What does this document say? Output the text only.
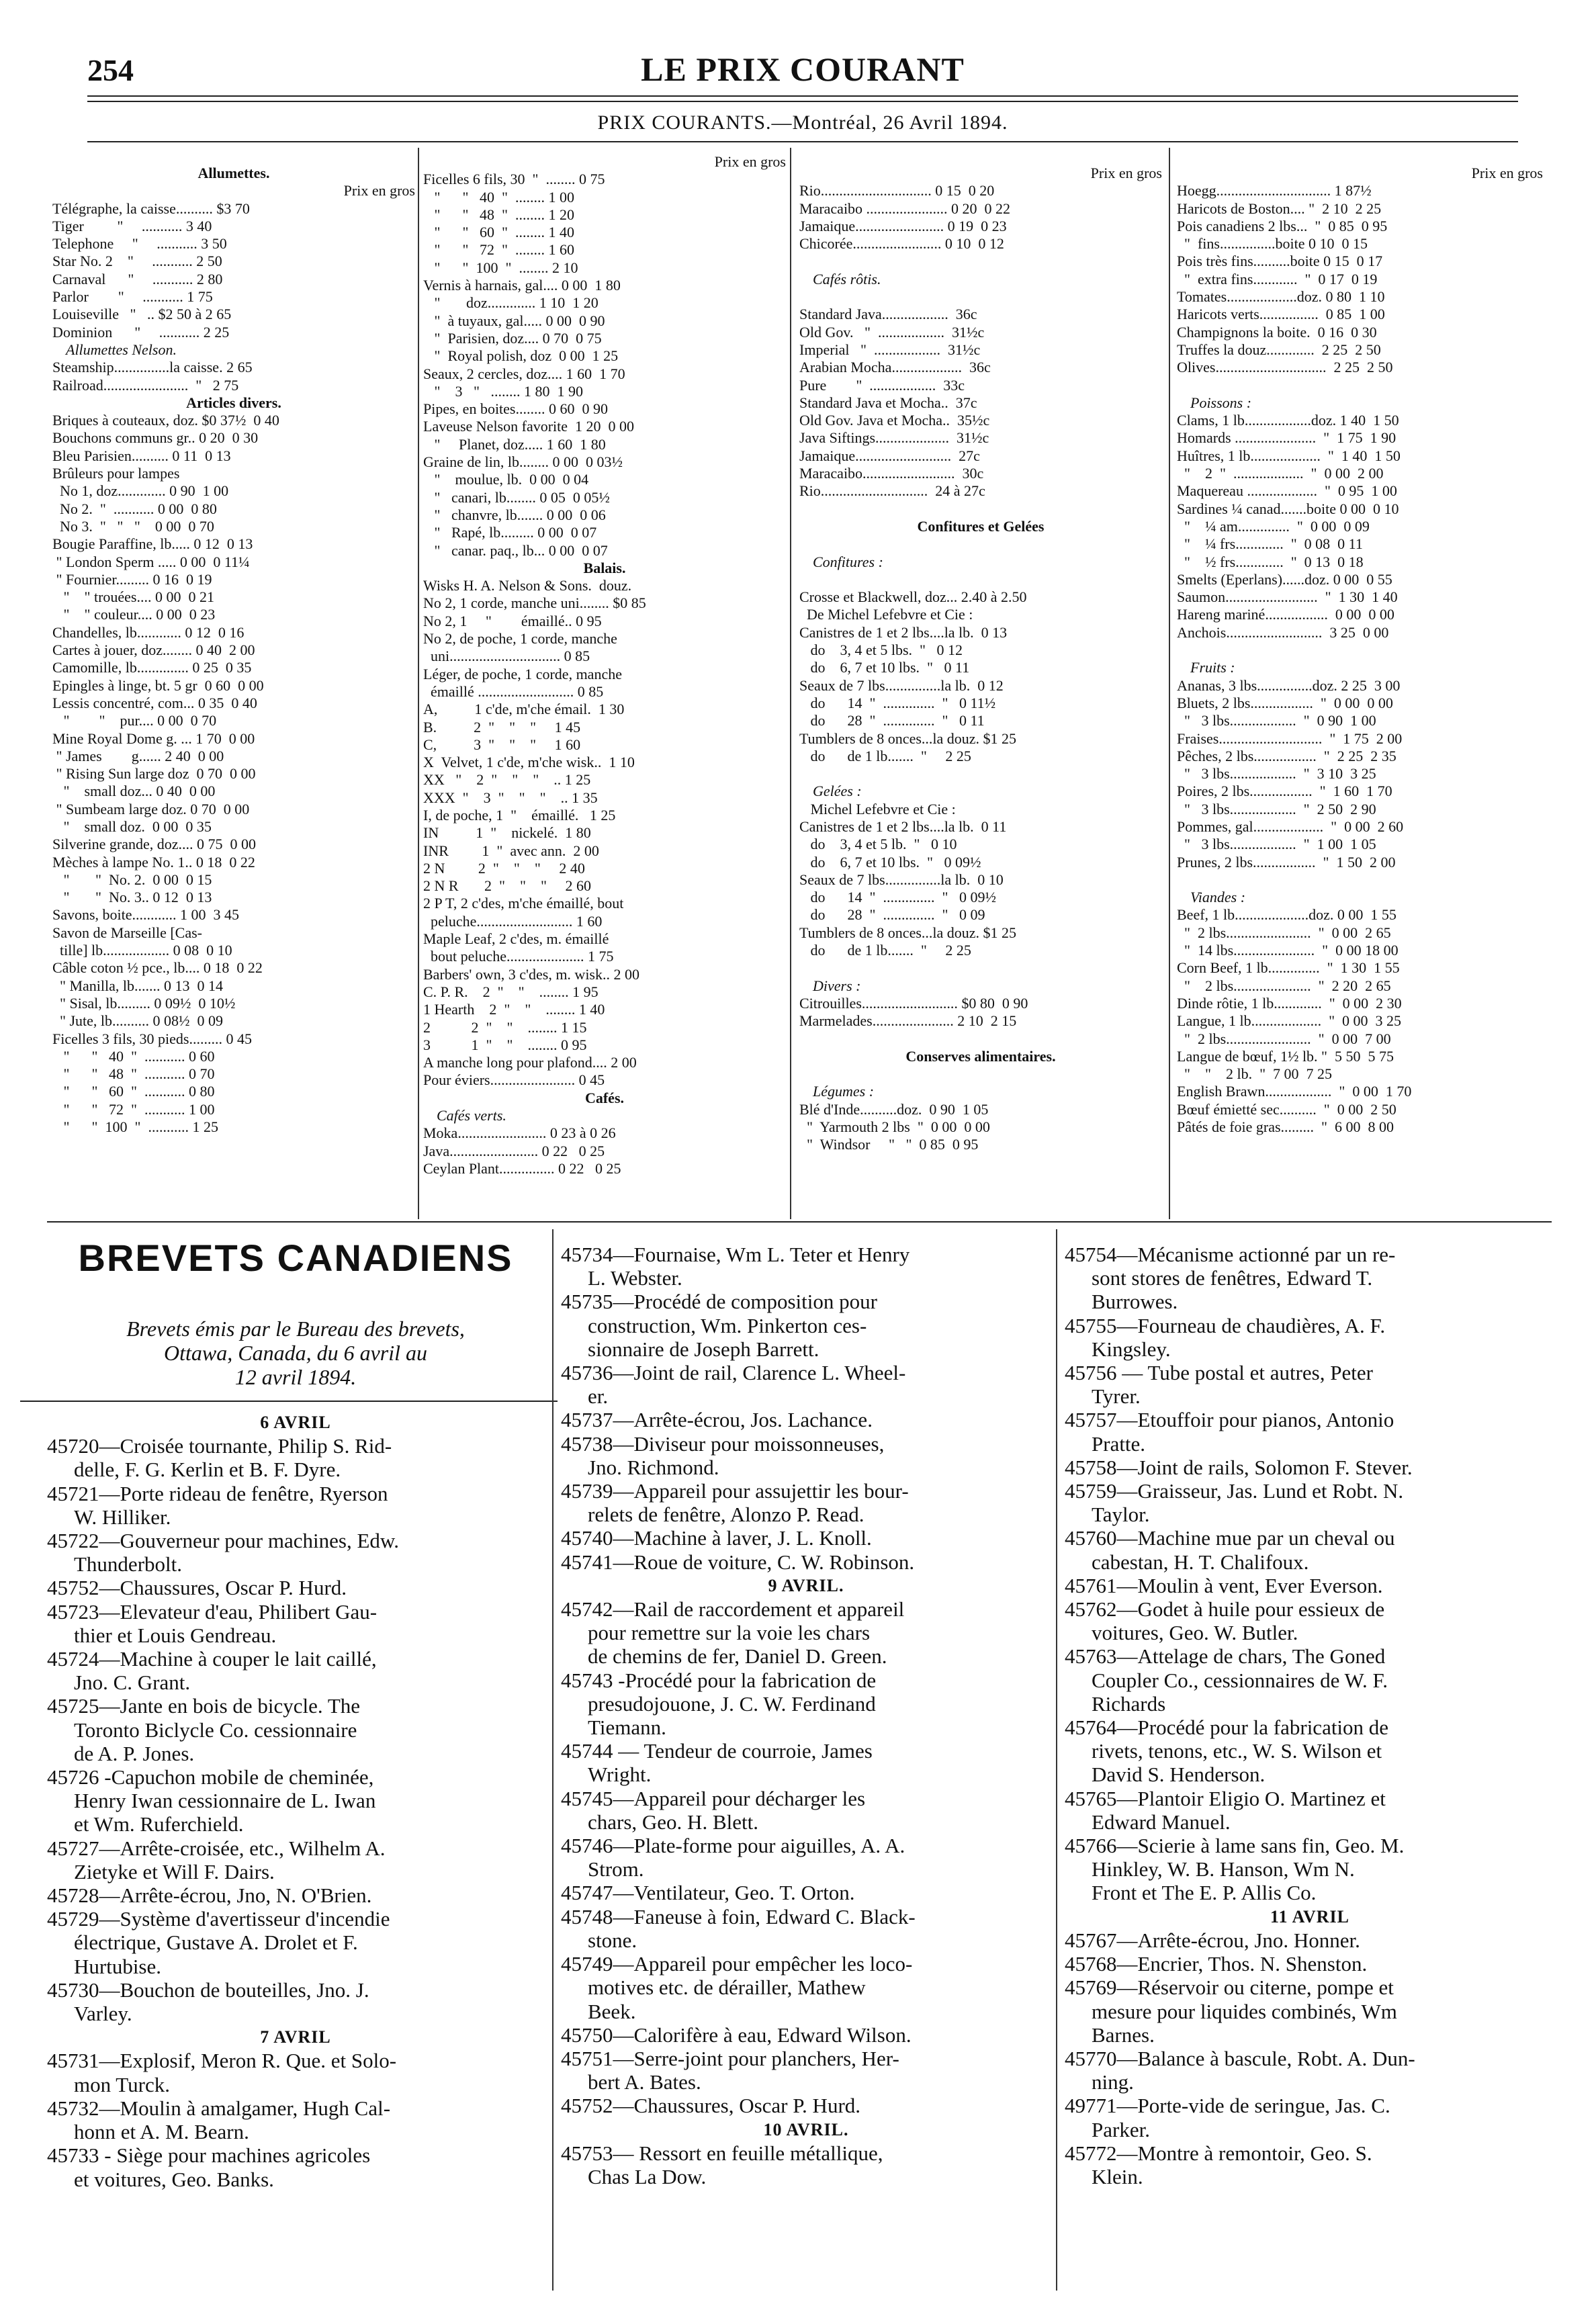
254	LE PRIX COURANT
PRIX COURANTS.—Montréal, 26 Avril 1894.
Allumettes.
Prix en gros
Télégraphe, la caisse.......... $3 70
Tiger         "     ........... 3 40
Telephone     "     ........... 3 50
Star No. 2    "     ........... 2 50
Carnaval      "     ........... 2 80
Parlor        "     ........... 1 75
Louiseville   "   .. $2 50 à 2 65
Dominion      "     ........... 2 25
Allumettes Nelson.
Steamship...............la caisse. 2 65
Railroad.......................  "   2 75
Articles divers.
Briques à couteaux, doz. $0 37½  0 40
Bouchons communs gr.. 0 20  0 30
Bleu Parisien.......... 0 11  0 13
Brûleurs pour lampes
No 1, doz............. 0 90  1 00
No 2.  "  ........... 0 00  0 80
No 3.  "   "   "    0 00  0 70
Bougie Paraffine, lb..... 0 12  0 13
" London Sperm ..... 0 00  0 11¼
" Fournier......... 0 16  0 19
"    " trouées.... 0 00  0 21
"    " couleur.... 0 00  0 23
Chandelles, lb............ 0 12  0 16
Cartes à jouer, doz........ 0 40  2 00
Camomille, lb.............. 0 25  0 35
Epingles à linge, bt. 5 gr  0 60  0 00
Lessis concentré, com... 0 35  0 40
"        "    pur.... 0 00  0 70
Mine Royal Dome g. ... 1 70  0 00
" James        g...... 2 40  0 00
" Rising Sun large doz  0 70  0 00
"    small doz... 0 40  0 00
" Sumbeam large doz. 0 70  0 00
"    small doz.  0 00  0 35
Silverine grande, doz.... 0 75  0 00
Mèches à lampe No. 1.. 0 18  0 22
"       "  No. 2.  0 00  0 15
"       "  No. 3.. 0 12  0 13
Savons, boite............ 1 00  3 45
Savon de Marseille [Cas-
tille] lb.................. 0 08  0 10
Câble coton ½ pce., lb.... 0 18  0 22
" Manilla, lb....... 0 13  0 14
" Sisal, lb......... 0 09½  0 10½
" Jute, lb.......... 0 08½  0 09
Ficelles 3 fils, 30 pieds......... 0 45
"      "   40  "  ........... 0 60
"      "   48  "  ........... 0 70
"      "   60  "  ........... 0 80
"      "   72  "  ........... 1 00
"      "  100  "  ........... 1 25
Prix en gros
Ficelles 6 fils, 30  "  ........ 0 75
"      "   40  "  ........ 1 00
"      "   48  "  ........ 1 20
"      "   60  "  ........ 1 40
"      "   72  "  ........ 1 60
"      "  100  "  ........ 2 10
Vernis à harnais, gal.... 0 00  1 80
"       doz............. 1 10  1 20
"  à tuyaux, gal..... 0 00  0 90
"  Parisien, doz.... 0 70  0 75
"  Royal polish, doz  0 00  1 25
Seaux, 2 cercles, doz.... 1 60  1 70
"    3   "   ........ 1 80  1 90
Pipes, en boites........ 0 60  0 90
Laveuse Nelson favorite  1 20  0 00
"     Planet, doz..... 1 60  1 80
Graine de lin, lb........ 0 00  0 03½
"    moulue, lb.  0 00  0 04
"   canari, lb........ 0 05  0 05½
"   chanvre, lb....... 0 00  0 06
"   Rapé, lb......... 0 00  0 07
"   canar. paq., lb... 0 00  0 07
Balais.
Wisks H. A. Nelson & Sons.  douz.
No 2, 1 corde, manche uni........ $0 85
No 2, 1     "        émaillé.. 0 95
No 2, de poche, 1 corde, manche
uni.............................. 0 85
Léger, de poche, 1 corde, manche
émaillé .......................... 0 85
A,          1 c'de, m'che émail.  1 30
B.          2  "    "    "     1 45
C,          3  "    "    "     1 60
X  Velvet, 1 c'de, m'che wisk..  1 10
XX   "    2  "    "    "    .. 1 25
XXX  "    3  "    "    "    .. 1 35
I, de poche, 1  "    émaillé.   1 25
IN          1  "    nickelé.  1 80
INR         1  "  avec ann.  2 00
2 N         2  "    "    "     2 40
2 N R       2  "    "    "     2 60
2 P T, 2 c'des, m'che émaillé, bout
peluche.......................... 1 60
Maple Leaf, 2 c'des, m. émaillé
bout peluche..................... 1 75
Barbers' own, 3 c'des, m. wisk.. 2 00
C. P. R.    2  "    "    ........ 1 95
1 Hearth    2  "    "    ........ 1 40
2           2  "    "    ........ 1 15
3           1  "    "    ........ 0 95
A manche long pour plafond.... 2 00
Pour éviers....................... 0 45
Cafés.
Cafés verts.
Moka........................ 0 23 à 0 26
Java........................ 0 22   0 25
Ceylan Plant............... 0 22   0 25
Prix en gros
Rio.............................. 0 15  0 20
Maracaibo ...................... 0 20  0 22
Jamaique........................ 0 19  0 23
Chicorée........................ 0 10  0 12
Cafés rôtis.
Standard Java..................  36c
Old Gov.   "  ..................  31½c
Imperial   "  ..................  31½c
Arabian Mocha...................  36c
Pure        "  ..................  33c
Standard Java et Mocha..  37c
Old Gov. Java et Mocha..  35½c
Java Siftings....................  31½c
Jamaique..........................  27c
Maracaibo.........................  30c
Rio.............................  24 à 27c
Confitures et Gelées
Confitures :
Crosse et Blackwell, doz... 2.40 à 2.50
De Michel Lefebvre et Cie :
Canistres de 1 et 2 lbs....la lb.  0 13
do    3, 4 et 5 lbs.  "   0 12
do    6, 7 et 10 lbs.  "   0 11
Seaux de 7 lbs...............la lb.  0 12
do      14  "  ..............  "   0 11½
do      28  "  ..............  "   0 11
Tumblers de 8 onces...la douz. $1 25
do      de 1 lb.......  "     2 25
Gelées :
Michel Lefebvre et Cie :
Canistres de 1 et 2 lbs....la lb.  0 11
do    3, 4 et 5 lb.  "   0 10
do    6, 7 et 10 lbs.  "   0 09½
Seaux de 7 lbs...............la lb.  0 10
do      14  "  ..............  "   0 09½
do      28  "  ..............  "   0 09
Tumblers de 8 onces...la douz. $1 25
do      de 1 lb.......  "     2 25
Divers :
Citrouilles.......................... $0 80  0 90
Marmelades...................... 2 10  2 15
Conserves alimentaires.
Légumes :
Blé d'Inde..........doz.  0 90  1 05
"  Yarmouth 2 lbs  "  0 00  0 00
"  Windsor     "   "  0 85  0 95
Prix en gros
Hoegg............................... 1 87½
Haricots de Boston.... "  2 10  2 25
Pois canadiens 2 lbs...  "  0 85  0 95
"  fins...............boite 0 10  0 15
Pois très fins..........boite 0 15  0 17
"  extra fins............  "  0 17  0 19
Tomates...................doz. 0 80  1 10
Haricots verts................  0 85  1 00
Champignons la boite.  0 16  0 30
Truffes la douz.............  2 25  2 50
Olives..............................  2 25  2 50
Poissons :
Clams, 1 lb..................doz. 1 40  1 50
Homards ......................  "  1 75  1 90
Huîtres, 1 lb...................  "  1 40  1 50
"    2  "  ...................  "  0 00  2 00
Maquereau ...................  "  0 95  1 00
Sardines ¼ canad.......boite 0 00  0 10
"    ¼ am..............  "  0 00  0 09
"    ¼ frs.............  "  0 08  0 11
"    ½ frs.............  "  0 13  0 18
Smelts (Eperlans)......doz. 0 00  0 55
Saumon.........................  "  1 30  1 40
Hareng mariné.................  0 00  0 00
Anchois..........................  3 25  0 00
Fruits :
Ananas, 3 lbs...............doz. 2 25  3 00
Bluets, 2 lbs.................  "  0 00  0 00
"   3 lbs..................  "  0 90  1 00
Fraises............................  "  1 75  2 00
Pêches, 2 lbs.................  "  2 25  2 35
"   3 lbs..................  "  3 10  3 25
Poires, 2 lbs.................  "  1 60  1 70
"   3 lbs..................  "  2 50  2 90
Pommes, gal...................  "  0 00  2 60
"   3 lbs..................  "  1 00  1 05
Prunes, 2 lbs.................  "  1 50  2 00
Viandes :
Beef, 1 lb....................doz. 0 00  1 55
"  2 lbs.......................  "  0 00  2 65
"  14 lbs......................  "  0 00 18 00
Corn Beef, 1 lb..............  "  1 30  1 55
"    2 lbs.....................  "  2 20  2 65
Dinde rôtie, 1 lb.............  "  0 00  2 30
Langue, 1 lb...................  "  0 00  3 25
"  2 lbs.......................  "  0 00  7 00
Langue de bœuf, 1½ lb. "  5 50  5 75
"    "    2 lb.  "  7 00  7 25
English Brawn..................  "  0 00  1 70
Bœuf émietté sec..........  "  0 00  2 50
Pâtés de foie gras.........  "  6 00  8 00
BREVETS CANADIENS
Brevets émis par le Bureau des brevets,
Ottawa, Canada, du 6 avril au
12 avril 1894.
6 AVRIL
45720—Croisée tournante, Philip S. Rid-
delle, F. G. Kerlin et B. F. Dyre.
45721—Porte rideau de fenêtre, Ryerson
W. Hilliker.
45722—Gouverneur pour machines, Edw.
Thunderbolt.
45752—Chaussures, Oscar P. Hurd.
45723—Elevateur d'eau, Philibert Gau-
thier et Louis Gendreau.
45724—Machine à couper le lait caillé,
Jno. C. Grant.
45725—Jante en bois de bicycle. The
Toronto Biclycle Co. cessionnaire
de A. P. Jones.
45726 -Capuchon mobile de cheminée,
Henry Iwan cessionnaire de L. Iwan
et Wm. Ruferchield.
45727—Arrête-croisée, etc., Wilhelm A.
Zietyke et Will F. Dairs.
45728—Arrête-écrou, Jno, N. O'Brien.
45729—Système d'avertisseur d'incendie
électrique, Gustave A. Drolet et F.
Hurtubise.
45730—Bouchon de bouteilles, Jno. J.
Varley.
7 AVRIL
45731—Explosif, Meron R. Que. et Solo-
mon Turck.
45732—Moulin à amalgamer, Hugh Cal-
honn et A. M. Bearn.
45733 - Siège pour machines agricoles
et voitures, Geo. Banks.
45734—Fournaise, Wm L. Teter et Henry
L. Webster.
45735—Procédé de composition pour
construction, Wm. Pinkerton ces-
sionnaire de Joseph Barrett.
45736—Joint de rail, Clarence L. Wheel-
er.
45737—Arrête-écrou, Jos. Lachance.
45738—Diviseur pour moissonneuses,
Jno. Richmond.
45739—Appareil pour assujettir les bour-
relets de fenêtre, Alonzo P. Read.
45740—Machine à laver, J. L. Knoll.
45741—Roue de voiture, C. W. Robinson.
9 AVRIL.
45742—Rail de raccordement et appareil
pour remettre sur la voie les chars
de chemins de fer, Daniel D. Green.
45743 -Procédé pour la fabrication de
presudojouone, J. C. W. Ferdinand
Tiemann.
45744 — Tendeur de courroie, James
Wright.
45745—Appareil pour décharger les
chars, Geo. H. Blett.
45746—Plate-forme pour aiguilles, A. A.
Strom.
45747—Ventilateur, Geo. T. Orton.
45748—Faneuse à foin, Edward C. Black-
stone.
45749—Appareil pour empêcher les loco-
motives etc. de dérailler, Mathew
Beek.
45750—Calorifère à eau, Edward Wilson.
45751—Serre-joint pour planchers, Her-
bert A. Bates.
45752—Chaussures, Oscar P. Hurd.
10 AVRIL.
45753— Ressort en feuille métallique,
Chas La Dow.
45754—Mécanisme actionné par un re-
sont stores de fenêtres, Edward T.
Burrowes.
45755—Fourneau de chaudières, A. F.
Kingsley.
45756 — Tube postal et autres, Peter
Tyrer.
45757—Etouffoir pour pianos, Antonio
Pratte.
45758—Joint de rails, Solomon F. Stever.
45759—Graisseur, Jas. Lund et Robt. N.
Taylor.
45760—Machine mue par un cheval ou
cabestan, H. T. Chalifoux.
45761—Moulin à vent, Ever Everson.
45762—Godet à huile pour essieux de
voitures, Geo. W. Butler.
45763—Attelage de chars, The Goned
Coupler Co., cessionnaires de W. F.
Richards
45764—Procédé pour la fabrication de
rivets, tenons, etc., W. S. Wilson et
David S. Henderson.
45765—Plantoir Eligio O. Martinez et
Edward Manuel.
45766—Scierie à lame sans fin, Geo. M.
Hinkley, W. B. Hanson, Wm N.
Front et The E. P. Allis Co.
11 AVRIL
45767—Arrête-écrou, Jno. Honner.
45768—Encrier, Thos. N. Shenston.
45769—Réservoir ou citerne, pompe et
mesure pour liquides combinés, Wm
Barnes.
45770—Balance à bascule, Robt. A. Dun-
ning.
49771—Porte-vide de seringue, Jas. C.
Parker.
45772—Montre à remontoir, Geo. S.
Klein.
